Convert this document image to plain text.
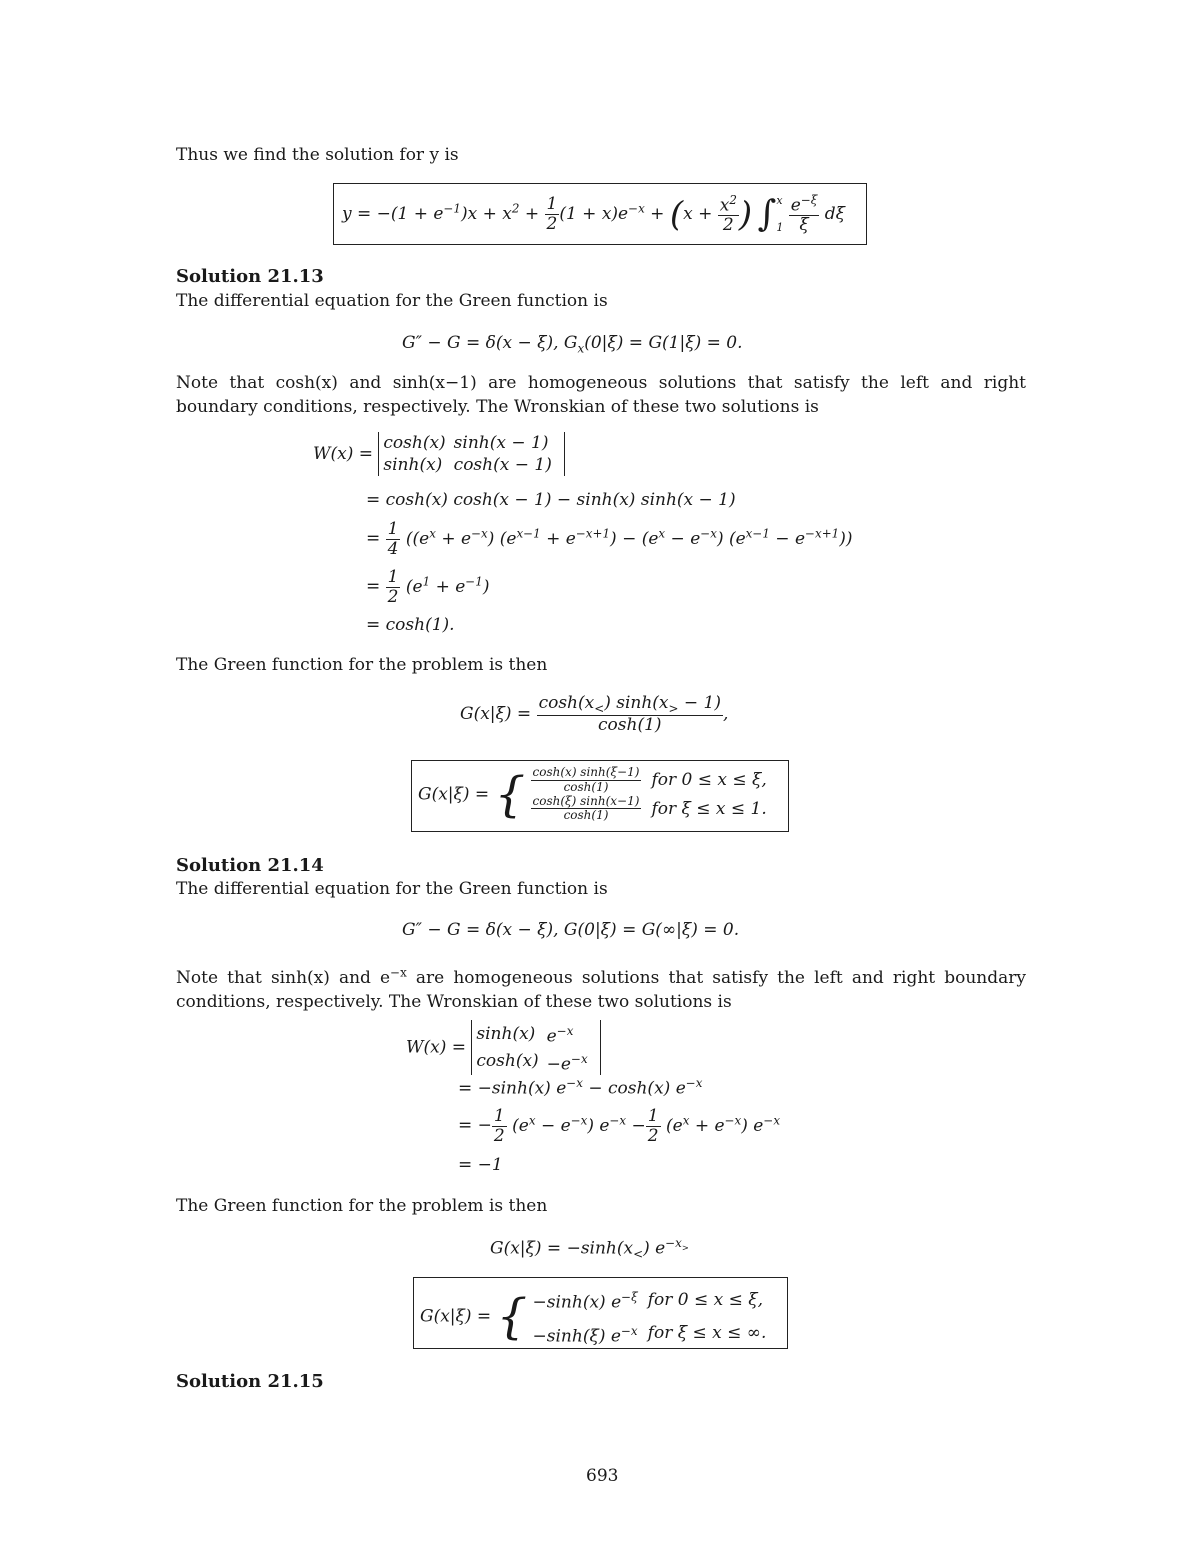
Thus we find the solution for y is
$y = -(1 + e^{-1})x + x^2 + \frac{1}{2} (1 + x)e^{-x} + (x + \frac{x^2}{2}$ ) ∫ x
1
$\frac{e^{-\xi}}{\xi}$ dξ
Solution 21.13
The differential equation for the Green function is
G″ − G = δ(x − ξ), $G_x(0|\xi) = G(1|\xi) = 0$.
Note that cosh(x) and sinh(x−1) are homogeneous solutions that satisfy the left and right boundary conditions, respectively. The Wronskian of these two solutions is
W(x) =
cosh(x)	sinh(x − 1)
sinh(x)	cosh(x − 1)
= cosh(x) cosh(x − 1) − sinh(x) sinh(x − 1)
= $\frac{1}{4} ((e^x + e^{-x}) (e^{x-1} + e^{-x+1}) - (e^x - e^{-x}) (e^{x-1} - e^{-x+1}))$
= $\frac{1}{2} (e^1 + e^{-1})$
= cosh(1).
The Green function for the problem is then
$G(x|\xi) = \frac{\cosh(x_<) \sinh(x_> - 1)}{\cosh(1)}$ ,
G(x|ξ) = { $\frac{\cosh(x) \sinh(\xi-1)}{\cosh(1)}$	for 0 ≤ x ≤ ξ,

$\frac{\cosh(\xi) \sinh(x-1)}{\cosh(1)}$	for ξ ≤ x ≤ 1.
Solution 21.14
The differential equation for the Green function is
G″ − G = δ(x − ξ), G(0|ξ) = G(∞|ξ) = 0.
Note that sinh(x) and $e^{-x}$ are homogeneous solutions that satisfy the left and right boundary conditions, respectively. The Wronskian of these two solutions is
W(x) =
sinh(x)	$e^{-x}$
cosh(x)	$-e^{-x}$
= −sinh(x) $e^{-x} - \cosh(x)$ $e^{-x}$
= − $\frac{1}{2} (e^x - e^{-x}) e^{-x} - \frac{1}{2} (e^x + e^{-x})$ $e^{-x}$
= −1
The Green function for the problem is then
$G(x|\xi) = -\sinh(x_<)$ $e^{-x_>}$
G(x|ξ) = { −sinh(x) $e^{-\xi}$	for 0 ≤ x ≤ ξ,
−sinh(ξ) $e^{-x}$	for ξ ≤ x ≤ ∞.
Solution 21.15
693
